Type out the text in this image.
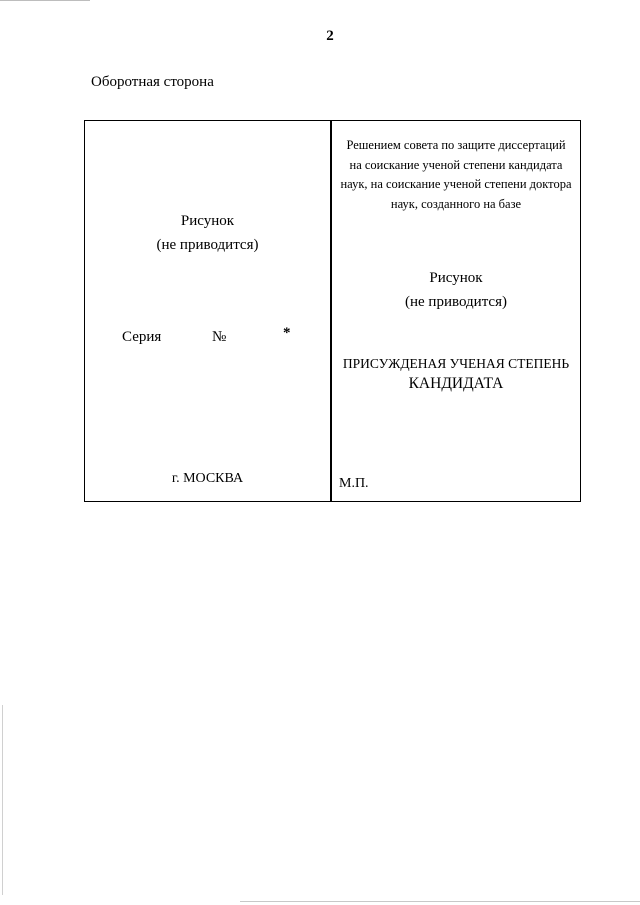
2
Оборотная сторона
Рисунок
(не приводится)
Серия	№	*
г. МОСКВА
Решением совета по защите диссертаций
на соискание ученой степени кандидата
наук, на соискание ученой степени доктора
наук, созданного на базе
Рисунок
(не приводится)
ПРИСУЖДЕНАЯ УЧЕНАЯ СТЕПЕНЬ
КАНДИДАТА
М.П.
